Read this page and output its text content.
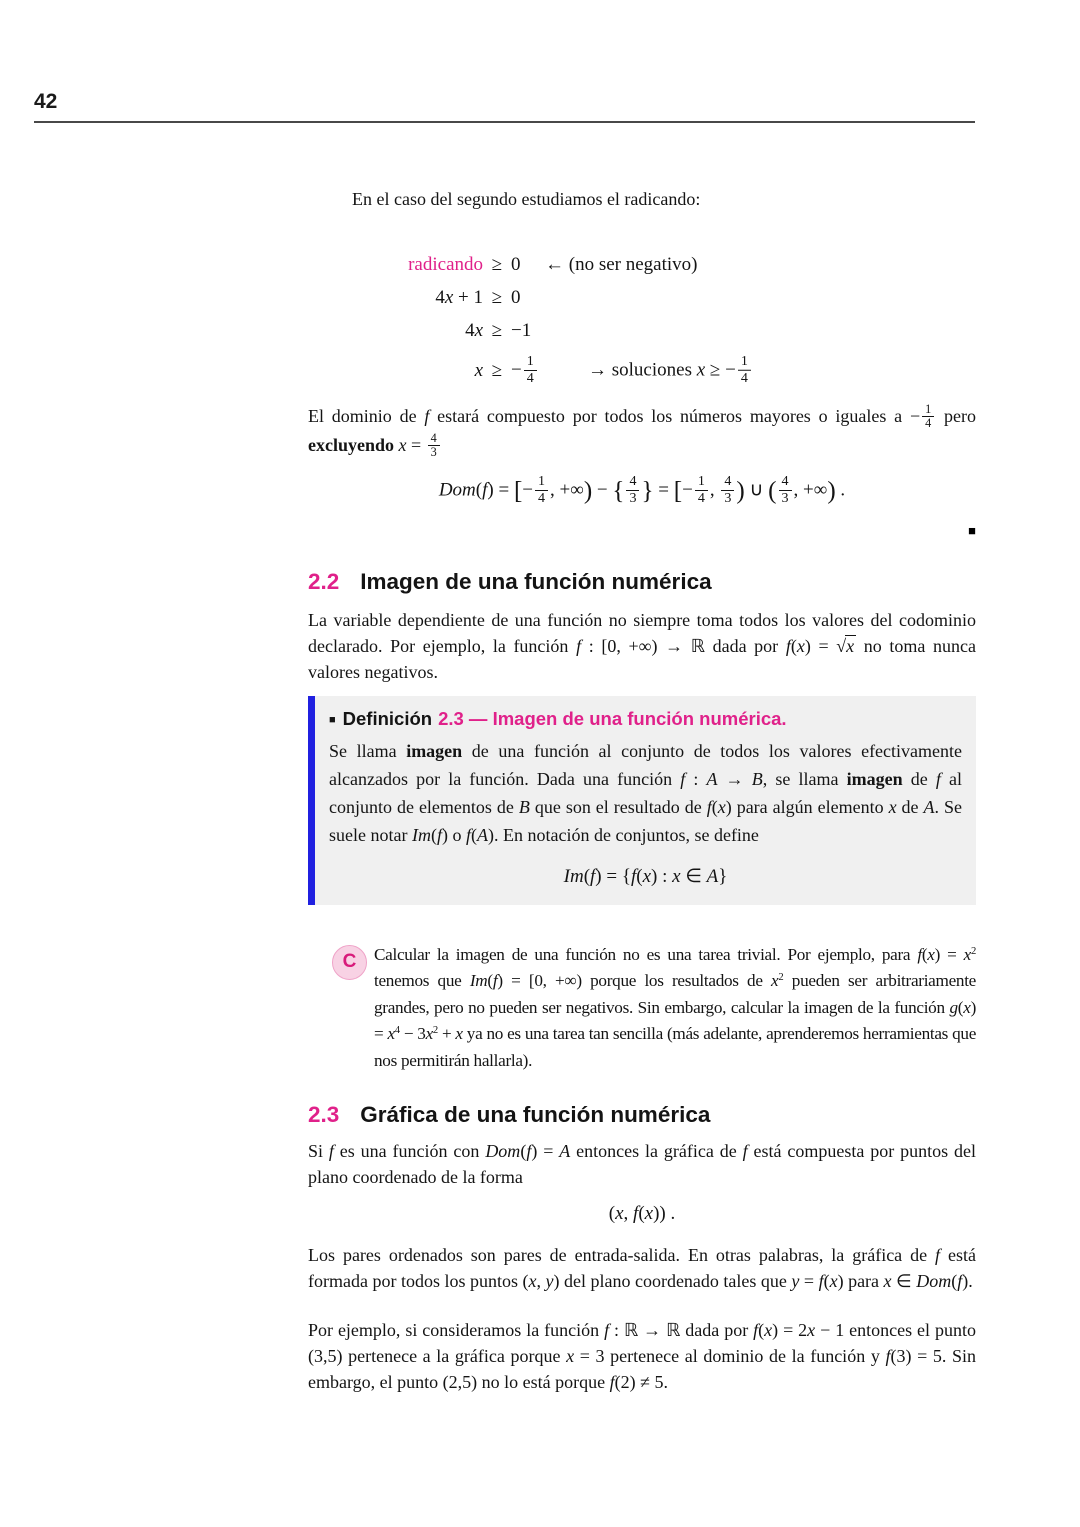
42

En el caso del segundo estudiamos el radicando:

radicando ≥ 0 ← (no ser negativo)
4x + 1 ≥ 0
4x ≥ −1
x ≥ − $\frac{1}{4}$	→ soluciones x ≥ − $\frac{1}{4}$

El dominio de f estará compuesto por todos los números mayores o iguales $a - \frac{1}{4}$ pero excluyendo $x = \frac{4}{3}$

Dom(f) = [− $\frac{1}{4}$ , +∞) − { $\frac{4}{3}$ } = [− $\frac{1}{4}$ , $\frac{4}{3}$ ) ∪ ( $\frac{4}{3}$ , +∞) .
■
2.2 Imagen de una función numérica

La variable dependiente de una función no siempre toma todos los valores del codominio declarado. Por ejemplo, la función f : [0, +∞) → ℝ dada por f(x) = √x no toma nunca valores negativos.

■ Definición 2.3 — Imagen de una función numérica.

Se llama imagen de una función al conjunto de todos los valores efectivamente alcanzados por la función. Dada una función f : A → B, se llama imagen de f al conjunto de elementos de B que son el resultado de f(x) para algún elemento x de A. Se suele notar Im(f) o f(A). En notación de conjuntos, se define

Im(f) = {f(x) : x ∈ A}
C	Calcular la imagen de una función no es una tarea trivial. Por ejemplo, para $f(x) = x^2$ tenemos que Im(f) = [0, +∞) porque los resultados de $x^2$ pueden ser arbitrariamente grandes, pero no pueden ser negativos. Sin embargo, calcular la imagen de la función $g(x) = x^4 - 3x^2 + x$ ya no es una tarea tan sencilla (más adelante, aprenderemos herramientas que nos permitirán hallarla).

2.3 Gráfica de una función numérica

Si f es una función con Dom(f) = A entonces la gráfica de f está compuesta por puntos del plano coordenado de la forma

(x, f(x)) .

Los pares ordenados son pares de entrada-salida. En otras palabras, la gráfica de f está formada por todos los puntos (x, y) del plano coordenado tales que y = f(x) para x ∈ Dom(f).

Por ejemplo, si consideramos la función f : ℝ → ℝ dada por f(x) = 2x − 1 entonces el punto (3,5) pertenece a la gráfica porque x = 3 pertenece al dominio de la función y f(3) = 5. Sin embargo, el punto (2,5) no lo está porque f(2) ≠ 5.
